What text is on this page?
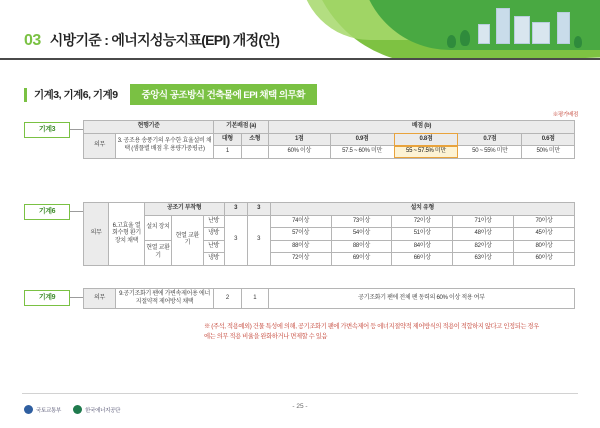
03 시방기준 : 에너지성능지표(EPI) 개정(안)
기계3, 기계6, 기계9	중앙식 공조방식 건축물에 EPI 채택 의무화
※평가배점
기계3	현행기준		기본배점 (a)		배점 (b)				
의무	3. 공조용 송풍기의 우수한 효율설비 채택 (샘플별 배점 후 용량가중평균)	대형	소형	1점	0.9점	0.8점	0.7점	0.6점
		1		60% 이상	57.5 ~ 60% 미만	55 ~ 57.5% 미만	50 ~ 55% 미만	50% 미만
기계6
의무	6.고효율 열회수형 환기장치 채택	공조기 부착형			3	3	설치 유형				
		설치 장치	현열 교환기	난방	3	3	74이상	73이상	72이상	71이상	70이상
				냉방			57이상	54이상	51이상	48이상	45이상
		현열 교환기		난방			88이상	88이상	84이상	82이상	80이상
				냉방			72이상	69이상	66이상	63이상	60이상
기계9	의무	9.공기조화기 팬에 가변속제어용 에너지절약적 제어방식 채택	2	1	공기조화기 팬에 전체 팬 동력의 60% 이상 적용 여부
※ (주석, 적용예외) 건물 특성에 의해, 공기조화기 팬에 가변속제어 등 에너지절약적 제어방식의 적용이 적합하지 않다고 인정되는 경우에는 의무 적용 비율을 완화하거나 면제할 수 있음
- 25 -
국토교통부	한국에너지공단
